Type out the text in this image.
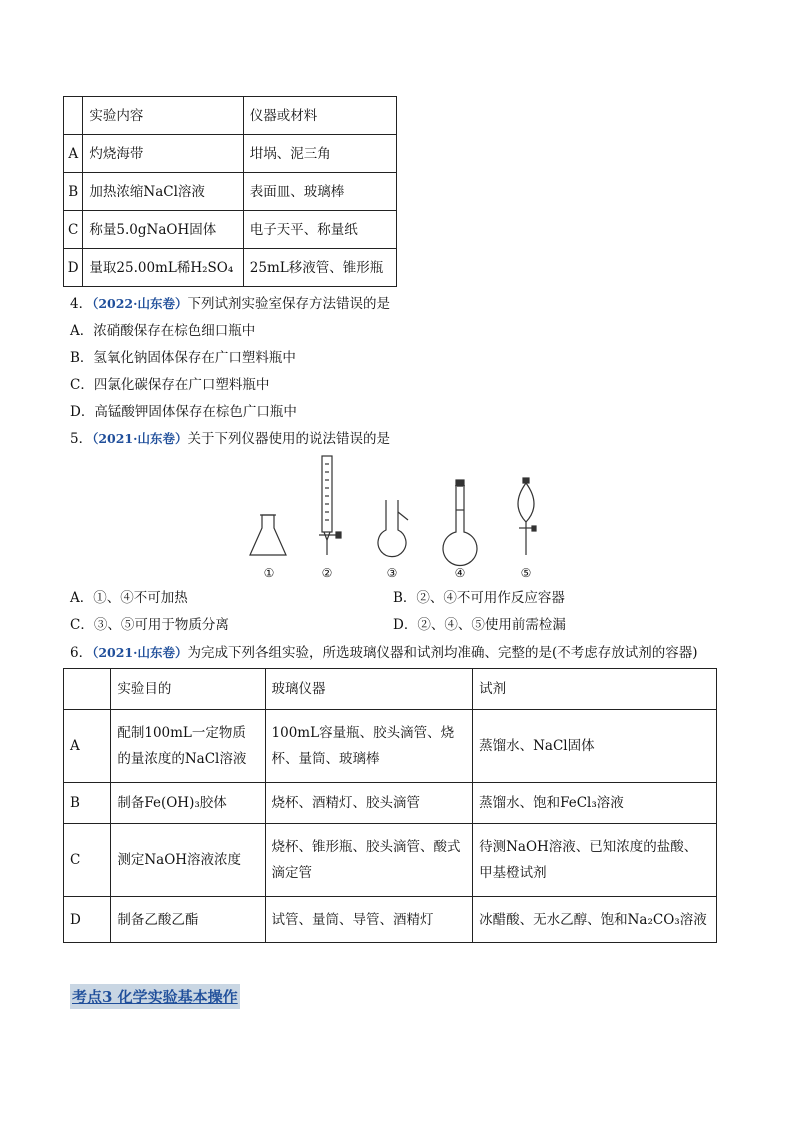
	实验内容	仪器或材料
A	灼烧海带	坩埚、泥三角
B	加热浓缩NaCl溶液	表面皿、玻璃棒
C	称量5.0gNaOH固体	电子天平、称量纸
D	量取25.00mL稀H₂SO₄	25mL移液管、锥形瓶
4．（2022·山东卷）下列试剂实验室保存方法错误的是
A．浓硝酸保存在棕色细口瓶中
B．氢氧化钠固体保存在广口塑料瓶中
C．四氯化碳保存在广口塑料瓶中
D．高锰酸钾固体保存在棕色广口瓶中
5．（2021·山东卷）关于下列仪器使用的说法错误的是
①	②	③	④	⑤
A．①、④不可加热	B．②、④不可用作反应容器
C．③、⑤可用于物质分离	D．②、④、⑤使用前需检漏
6．（2021·山东卷）为完成下列各组实验，所选玻璃仪器和试剂均准确、完整的是(不考虑存放试剂的容器)
	实验目的	玻璃仪器	试剂
A	配制100mL一定物质的量浓度的NaCl溶液	100mL容量瓶、胶头滴管、烧杯、量筒、玻璃棒	蒸馏水、NaCl固体
B	制备Fe(OH)₃胶体	烧杯、酒精灯、胶头滴管	蒸馏水、饱和FeCl₃溶液
C	测定NaOH溶液浓度	烧杯、锥形瓶、胶头滴管、酸式滴定管	待测NaOH溶液、已知浓度的盐酸、甲基橙试剂
D	制备乙酸乙酯	试管、量筒、导管、酒精灯	冰醋酸、无水乙醇、饱和Na₂CO₃溶液
考点3 化学实验基本操作
